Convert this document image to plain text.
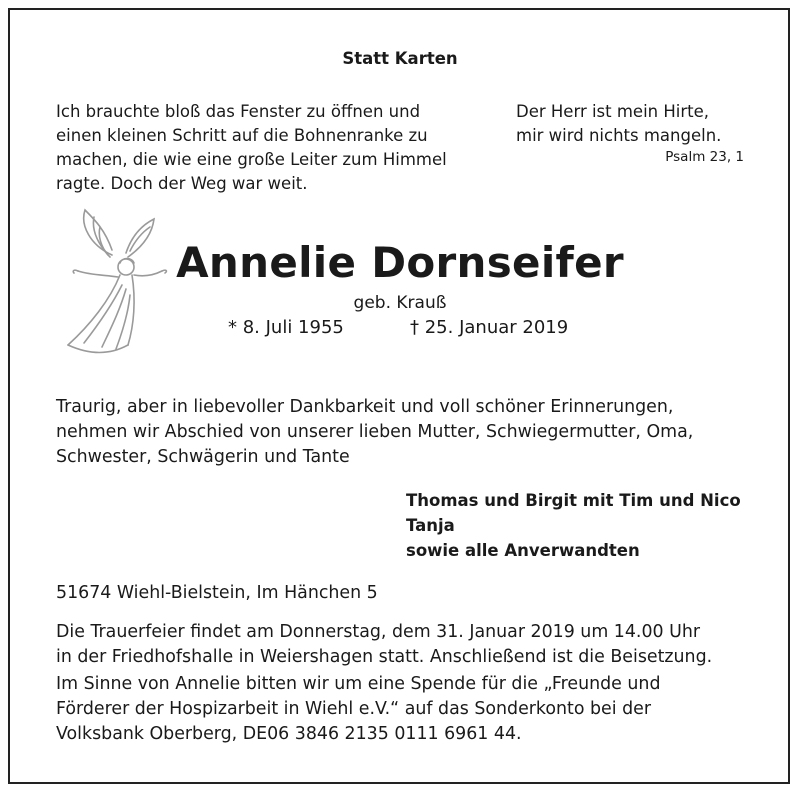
Statt Karten
Ich brauchte bloß das Fenster zu öffnen und
einen kleinen Schritt auf die Bohnenranke zu
machen, die wie eine große Leiter zum Himmel
ragte. Doch der Weg war weit.
Der Herr ist mein Hirte,
mir wird nichts mangeln.
Psalm 23, 1
Annelie Dornseifer
geb. Krauß
* 8. Juli 1955	† 25. Januar 2019
Traurig, aber in liebevoller Dankbarkeit und voll schöner Erinnerungen,
nehmen wir Abschied von unserer lieben Mutter, Schwiegermutter, Oma,
Schwester, Schwägerin und Tante
Thomas und Birgit mit Tim und Nico
Tanja
sowie alle Anverwandten
51674 Wiehl-Bielstein, Im Hänchen 5
Die Trauerfeier findet am Donnerstag, dem 31. Januar 2019 um 14.00 Uhr
in der Friedhofshalle in Weiershagen statt. Anschließend ist die Beisetzung.
Im Sinne von Annelie bitten wir um eine Spende für die „Freunde und
Förderer der Hospizarbeit in Wiehl e.V.“ auf das Sonderkonto bei der
Volksbank Oberberg, DE06 3846 2135 0111 6961 44.
